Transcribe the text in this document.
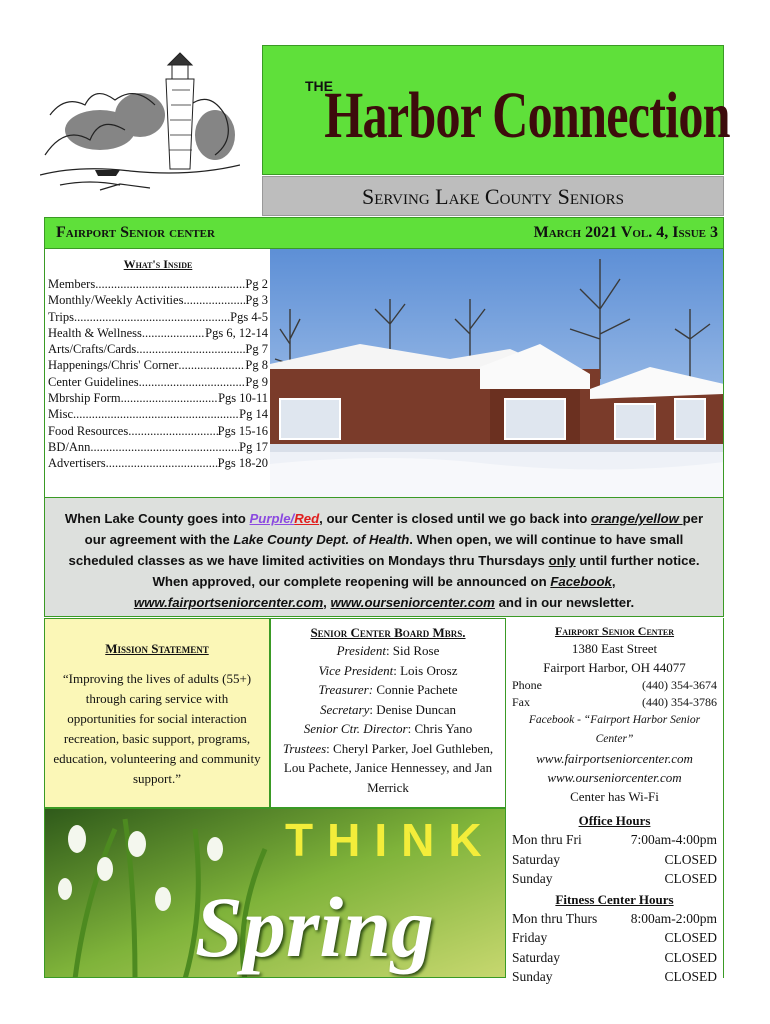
Harbor Connection
THE
Serving Lake County Seniors
Fairport Senior center	March 2021 Vol. 4, Issue 3
What's Inside
Members .....	Pg 2
Monthly/Weekly Activities .....	Pg 3
Trips .....	Pgs 4-5
Health & Wellness .....	Pgs 6, 12-14
Arts/Crafts/Cards .....	Pg 7
Happenings/Chris' Corner .....	Pg 8
Center Guidelines .....	Pg 9
Mbrship Form .....	Pgs 10-11
Misc .....	Pg 14
Food Resources .....	Pgs 15-16
BD/Ann .....	Pg 17
Advertisers .....	Pgs 18-20
When Lake County goes into Purple/Red, our Center is closed until we go back into orange/yellow per our agreement with the Lake County Dept. of Health. When open, we will continue to have small scheduled classes as we have limited activities on Mondays thru Thursdays only until further notice. When approved, our complete reopening will be announced on Facebook, www.fairportseniorcenter.com, www.ourseniorcenter.com and in our newsletter.
Mission Statement
“Improving the lives of adults (55+) through caring service with opportunities for social interaction recreation, basic support, programs, education, volunteering and community support.”
Senior Center Board Mbrs.
President: Sid Rose
Vice President: Lois Orosz
Treasurer: Connie Pachete
Secretary: Denise Duncan
Senior Ctr. Director: Chris Yano
Trustees: Cheryl Parker, Joel Guthleben, Lou Pachete, Janice Hennessey, and Jan Merrick
Fairport Senior Center
1380 East Street
Fairport Harbor, OH 44077
Phone	(440) 354-3674
Fax	(440) 354-3786
Facebook - “Fairport Harbor Senior Center”
www.fairportseniorcenter.com
www.ourseniorcenter.com
Center has Wi-Fi
Office Hours
Mon thru Fri	7:00am-4:00pm
Saturday	CLOSED
Sunday	CLOSED
Fitness Center Hours
Mon thru Thurs 8:00am-2:00pm
Friday	CLOSED
Saturday	CLOSED
Sunday	CLOSED
THINK
Spring
